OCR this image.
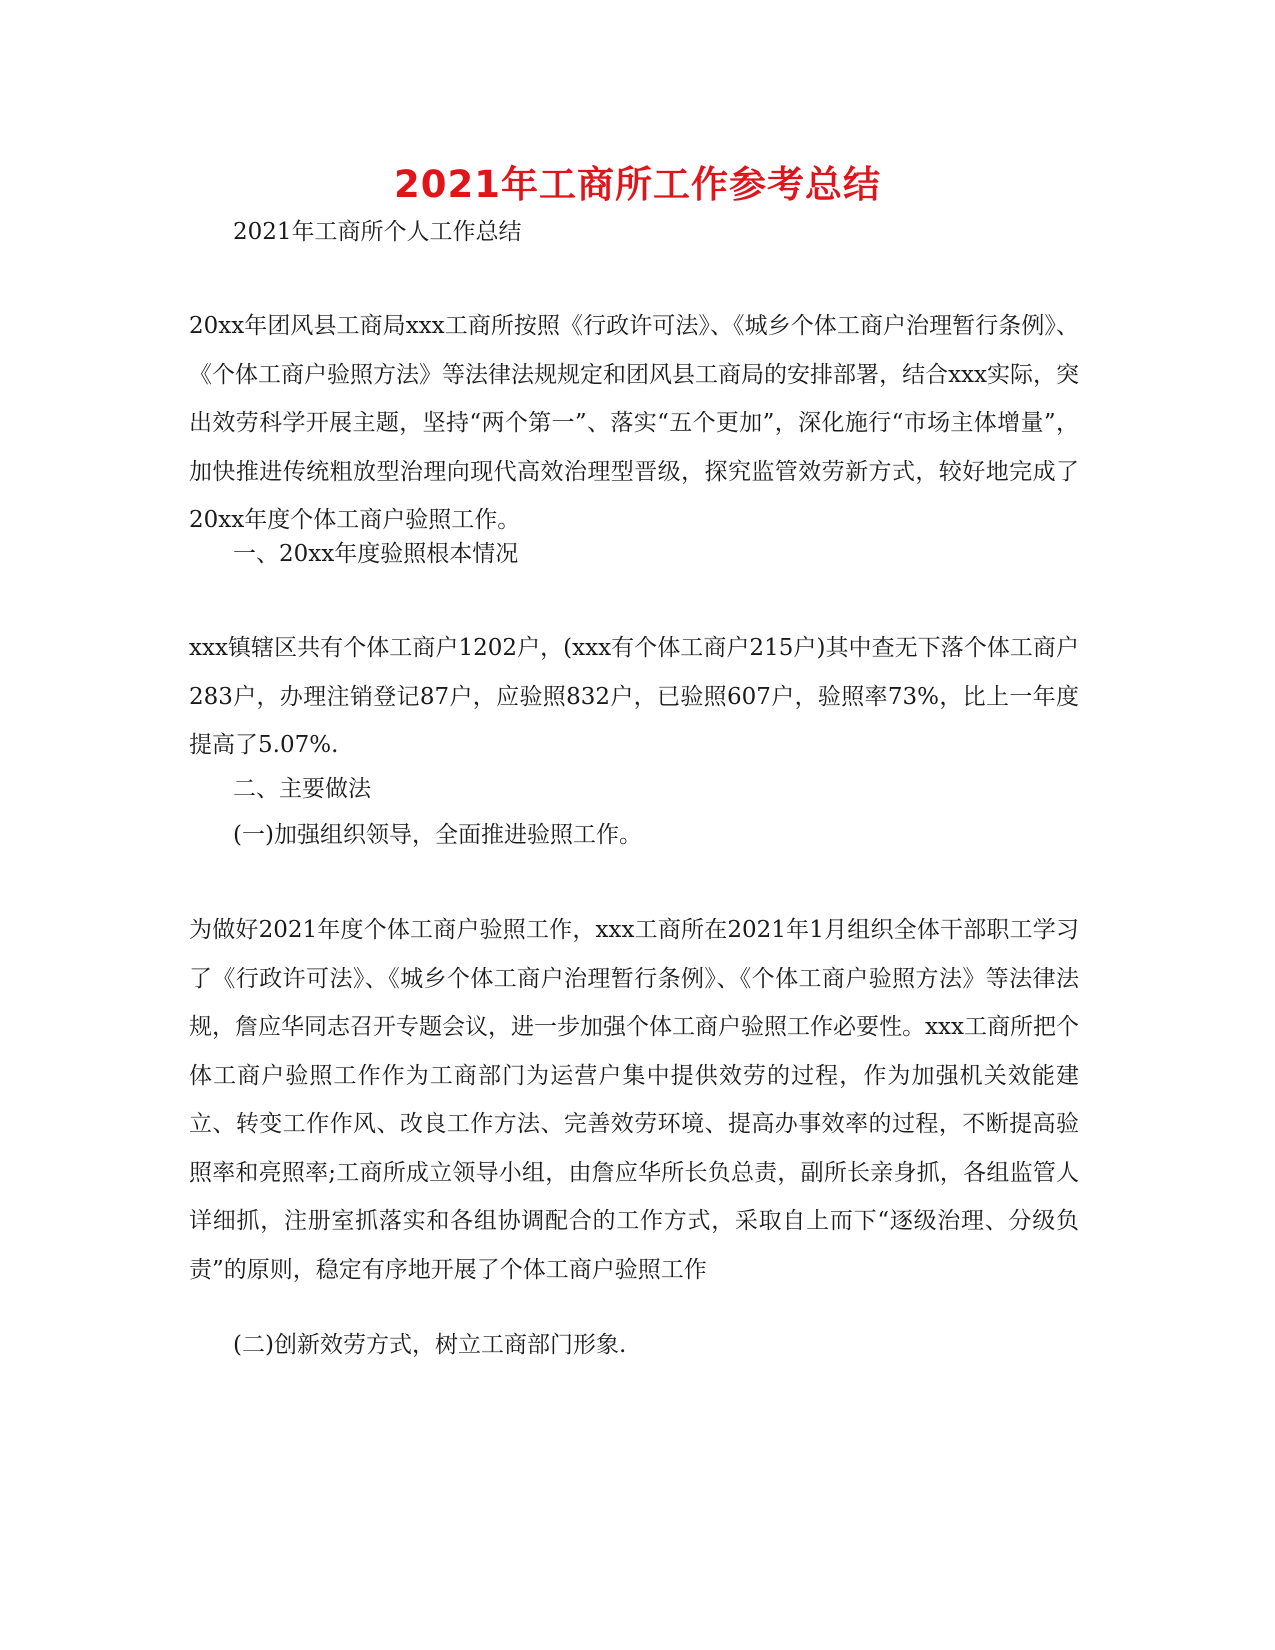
2021年工商所工作参考总结
2021年工商所个人工作总结
20xx年团风县工商局xxx工商所按照《行政许可法》、《城乡个体工商户治理暂行条例》、《个体工商户验照方法》等法律法规规定和团风县工商局的安排部署，结合xxx实际，突出效劳科学开展主题，坚持“两个第一”、落实“五个更加”，深化施行“市场主体增量”，加快推进传统粗放型治理向现代高效治理型晋级，探究监管效劳新方式，较好地完成了20xx年度个体工商户验照工作。
一、20xx年度验照根本情况
xxx镇辖区共有个体工商户1202户，(xxx有个体工商户215户)其中查无下落个体工商户283户，办理注销登记87户，应验照832户，已验照607户，验照率73%，比上一年度提高了5.07%.
二、主要做法
(一)加强组织领导，全面推进验照工作。
为做好2021年度个体工商户验照工作，xxx工商所在2021年1月组织全体干部职工学习了《行政许可法》、《城乡个体工商户治理暂行条例》、《个体工商户验照方法》等法律法规，詹应华同志召开专题会议，进一步加强个体工商户验照工作必要性。xxx工商所把个体工商户验照工作作为工商部门为运营户集中提供效劳的过程，作为加强机关效能建立、转变工作作风、改良工作方法、完善效劳环境、提高办事效率的过程，不断提高验照率和亮照率;工商所成立领导小组，由詹应华所长负总责，副所长亲身抓，各组监管人详细抓，注册室抓落实和各组协调配合的工作方式，采取自上而下“逐级治理、分级负责”的原则，稳定有序地开展了个体工商户验照工作
(二)创新效劳方式，树立工商部门形象.
